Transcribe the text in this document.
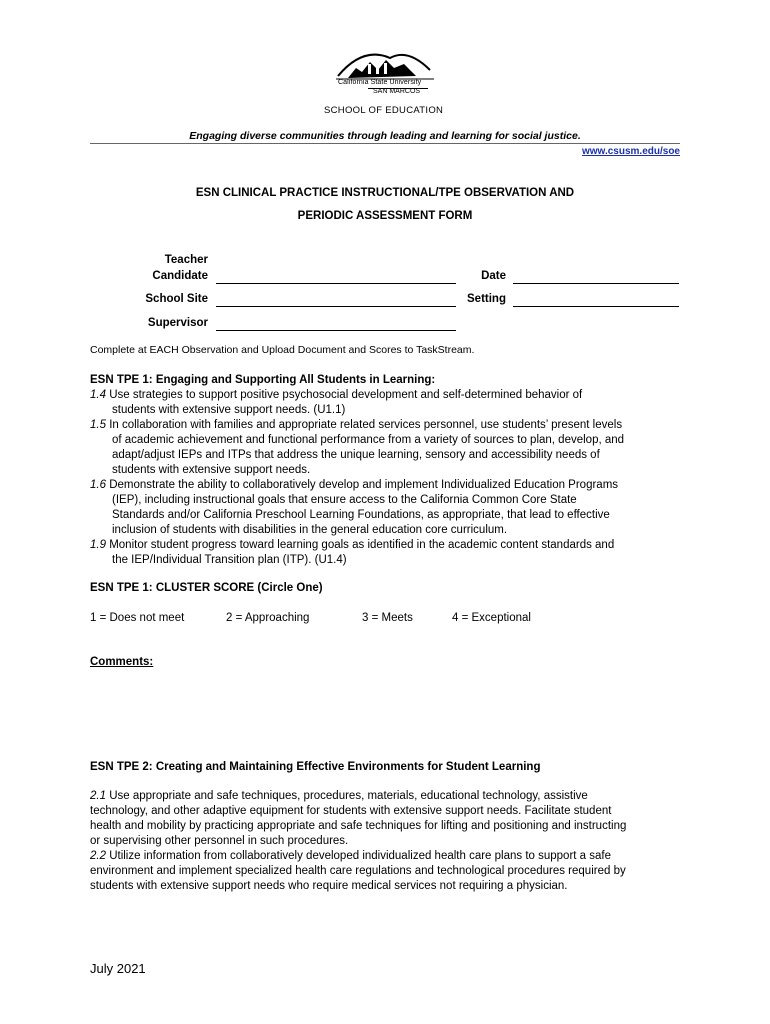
California State University
SAN MARCOS
SCHOOL OF EDUCATION
Engaging diverse communities through leading and learning for social justice.
www.csusm.edu/soe
ESN CLINICAL PRACTICE INSTRUCTIONAL/TPE OBSERVATION AND
PERIODIC ASSESSMENT FORM
Teacher
Candidate	Date
School Site	Setting
Supervisor
Complete at EACH Observation and Upload Document and Scores to TaskStream.
ESN TPE 1: Engaging and Supporting All Students in Learning:
1.4 Use strategies to support positive psychosocial development and self-determined behavior of
students with extensive support needs. (U1.1)
1.5 In collaboration with families and appropriate related services personnel, use students’ present levels
of academic achievement and functional performance from a variety of sources to plan, develop, and
adapt/adjust IEPs and ITPs that address the unique learning, sensory and accessibility needs of
students with extensive support needs.
1.6 Demonstrate the ability to collaboratively develop and implement Individualized Education Programs
(IEP), including instructional goals that ensure access to the California Common Core State
Standards and/or California Preschool Learning Foundations, as appropriate, that lead to effective
inclusion of students with disabilities in the general education core curriculum.
1.9 Monitor student progress toward learning goals as identified in the academic content standards and
the IEP/Individual Transition plan (ITP). (U1.4)
ESN TPE 1: CLUSTER SCORE (Circle One)
1 = Does not meet	2 = Approaching	3 = Meets	4 = Exceptional
Comments:
ESN TPE 2: Creating and Maintaining Effective Environments for Student Learning
2.1 Use appropriate and safe techniques, procedures, materials, educational technology, assistive
technology, and other adaptive equipment for students with extensive support needs. Facilitate student
health and mobility by practicing appropriate and safe techniques for lifting and positioning and instructing
or supervising other personnel in such procedures.
2.2 Utilize information from collaboratively developed individualized health care plans to support a safe
environment and implement specialized health care regulations and technological procedures required by
students with extensive support needs who require medical services not requiring a physician.
July 2021
